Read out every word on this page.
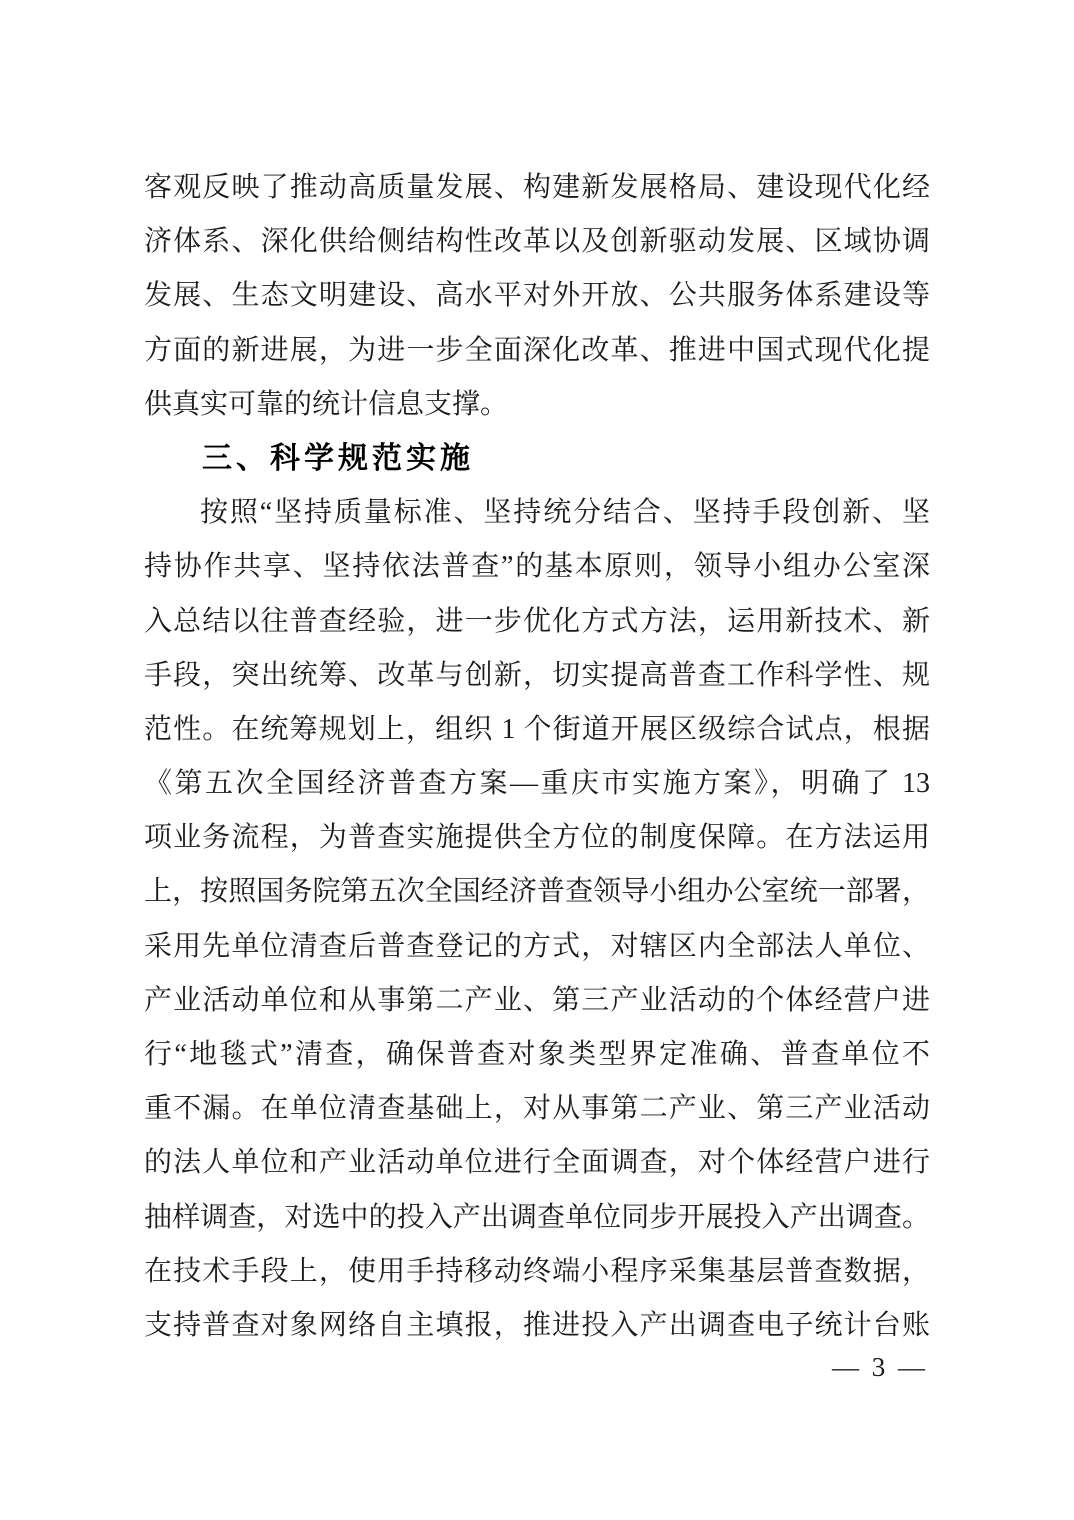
客观反映了推动高质量发展、构建新发展格局、建设现代化经
济体系、深化供给侧结构性改革以及创新驱动发展、区域协调
发展、生态文明建设、高水平对外开放、公共服务体系建设等
方面的新进展，为进一步全面深化改革、推进中国式现代化提
供真实可靠的统计信息支撑。
三、科学规范实施
按照“坚持质量标准、坚持统分结合、坚持手段创新、坚
持协作共享、坚持依法普查”的基本原则，领导小组办公室深
入总结以往普查经验，进一步优化方式方法，运用新技术、新
手段，突出统筹、改革与创新，切实提高普查工作科学性、规
范性。在统筹规划上，组织 1 个街道开展区级综合试点，根据
《第五次全国经济普查方案—重庆市实施方案》，明确了 13
项业务流程，为普查实施提供全方位的制度保障。在方法运用
上，按照国务院第五次全国经济普查领导小组办公室统一部署，
采用先单位清查后普查登记的方式，对辖区内全部法人单位、
产业活动单位和从事第二产业、第三产业活动的个体经营户进
行“地毯式”清查，确保普查对象类型界定准确、普查单位不
重不漏。在单位清查基础上，对从事第二产业、第三产业活动
的法人单位和产业活动单位进行全面调查，对个体经营户进行
抽样调查，对选中的投入产出调查单位同步开展投入产出调查。
在技术手段上，使用手持移动终端小程序采集基层普查数据，
支持普查对象网络自主填报，推进投入产出调查电子统计台账
— 3 —
